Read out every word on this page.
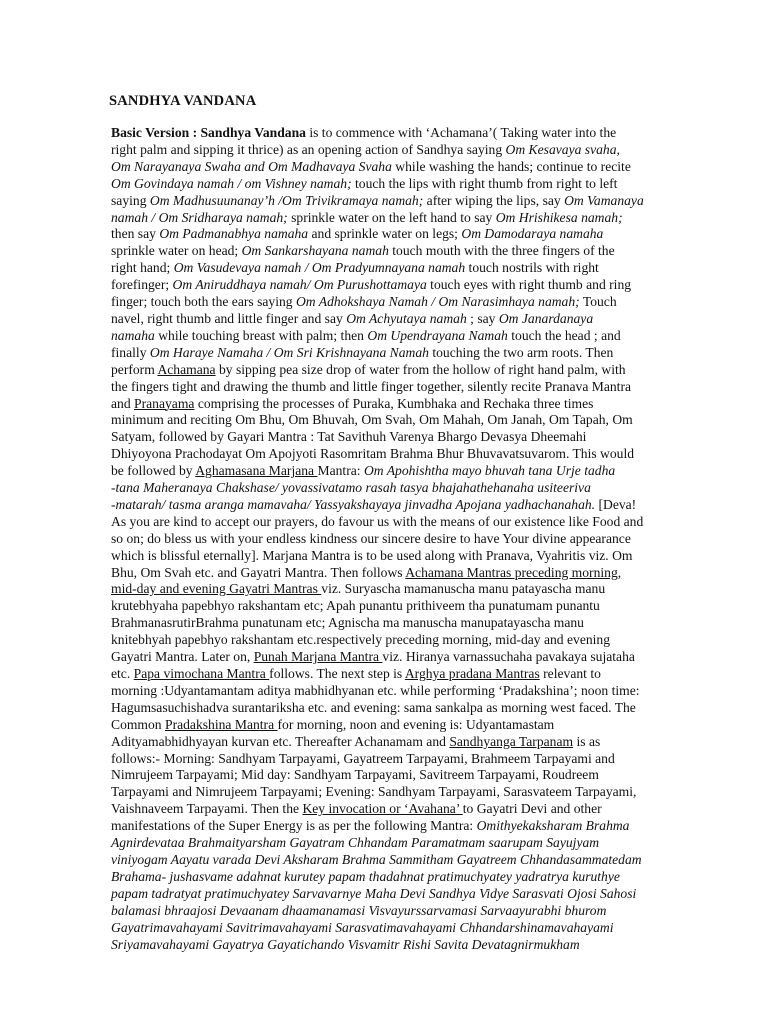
SANDHYA VANDANA
Basic Version : Sandhya Vandana is to commence with ‘Achamana’( Taking water into the
right palm and sipping it thrice) as an opening action of Sandhya saying Om Kesavaya svaha,
Om Narayanaya Swaha and Om Madhavaya Svaha while washing the hands; continue to recite
Om Govindaya namah / om Vishney namah; touch the lips with right thumb from right to left
saying Om Madhusuunanay’h /Om Trivikramaya namah; after wiping the lips, say Om Vamanaya
namah / Om Sridharaya namah; sprinkle water on the left hand to say Om Hrishikesa namah;
then say Om Padmanabhya namaha and sprinkle water on legs; Om Damodaraya namaha
sprinkle water on head; Om Sankarshayana namah touch mouth with the three fingers of the
right hand; Om Vasudevaya namah / Om Pradyumnayana namah touch nostrils with right
forefinger; Om Aniruddhaya namah/ Om Purushottamaya touch eyes with right thumb and ring
finger; touch both the ears saying Om Adhokshaya Namah / Om Narasimhaya namah; Touch
navel, right thumb and little finger and say Om Achyutaya namah ; say Om Janardanaya
namaha while touching breast with palm; then Om Upendrayana Namah touch the head ; and
finally Om Haraye Namaha / Om Sri Krishnayana Namah touching the two arm roots. Then
perform Achamana by sipping pea size drop of water from the hollow of right hand palm, with
the fingers tight and drawing the thumb and little finger together, silently recite Pranava Mantra
and Pranayama comprising the processes of Puraka, Kumbhaka and Rechaka three times
minimum and reciting Om Bhu, Om Bhuvah, Om Svah, Om Mahah, Om Janah, Om Tapah, Om
Satyam, followed by Gayari Mantra : Tat Savithuh Varenya Bhargo Devasya Dheemahi
Dhiyoyona Prachodayat Om Apojyoti Rasomritam Brahma Bhur Bhuvavatsuvarom. This would
be followed by Aghamasana Marjana Mantra: Om Apohishtha mayo bhuvah tana Urje tadha
-tana Maheranaya Chakshase/ yovassivatamo rasah tasya bhajahathehanaha usiteeriva
-matarah/ tasma aranga mamavaha/ Yassyakshayaya jinvadha Apojana yadhachanahah. [Deva!
As you are kind to accept our prayers, do favour us with the means of our existence like Food and
so on; do bless us with your endless kindness our sincere desire to have Your divine appearance
which is blissful eternally]. Marjana Mantra is to be used along with Pranava, Vyahritis viz. Om
Bhu, Om Svah etc. and Gayatri Mantra. Then follows Achamana Mantras preceding morning,
mid-day and evening Gayatri Mantras viz. Suryascha mamanuscha manu patayascha manu
krutebhyaha papebhyo rakshantam etc; Apah punantu prithiveem tha punatumam punantu
BrahmanasrutirBrahma punatunam etc; Agnischa ma manuscha manupatayascha manu
knitebhyah papebhyo rakshantam etc.respectively preceding morning, mid-day and evening
Gayatri Mantra. Later on, Punah Marjana Mantra viz. Hiranya varnassuchaha pavakaya sujataha
etc. Papa vimochana Mantra follows. The next step is Arghya pradana Mantras relevant to
morning :Udyantamantam aditya mabhidhyanan etc. while performing ‘Pradakshina’; noon time:
Hagumsasuchishadva surantariksha etc. and evening: sama sankalpa as morning west faced. The
Common Pradakshina Mantra for morning, noon and evening is: Udyantamastam
Adityamabhidhyayan kurvan etc. Thereafter Achanamam and Sandhyanga Tarpanam is as
follows:- Morning: Sandhyam Tarpayami, Gayatreem Tarpayami, Brahmeem Tarpayami and
Nimrujeem Tarpayami; Mid day: Sandhyam Tarpayami, Savitreem Tarpayami, Roudreem
Tarpayami and Nimrujeem Tarpayami; Evening: Sandhyam Tarpayami, Sarasvateem Tarpayami,
Vaishnaveem Tarpayami. Then the Key invocation or ‘Avahana’ to Gayatri Devi and other
manifestations of the Super Energy is as per the following Mantra: Omithyekaksharam Brahma
Agnirdevataa Brahmaityarsham Gayatram Chhandam Paramatmam saarupam Sayujyam
viniyogam Aayatu varada Devi Aksharam Brahma Sammitham Gayatreem Chhandasammatedam
Brahama- jushasvame adahnat kurutey papam thadahnat pratimuchyatey yadratrya kuruthye
papam tadratyat pratimuchyatey Sarvavarnye Maha Devi Sandhya Vidye Sarasvati Ojosi Sahosi
balamasi bhraajosi Devaanam dhaamanamasi Visvayurssarvamasi Sarvaayurabhi bhurom
Gayatrimavahayami Savitrimavahayami Sarasvatimavahayami Chhandarshinamavahayami
Sriyamavahayami Gayatrya Gayatichando Visvamitr Rishi Savita Devatagnirmukham
